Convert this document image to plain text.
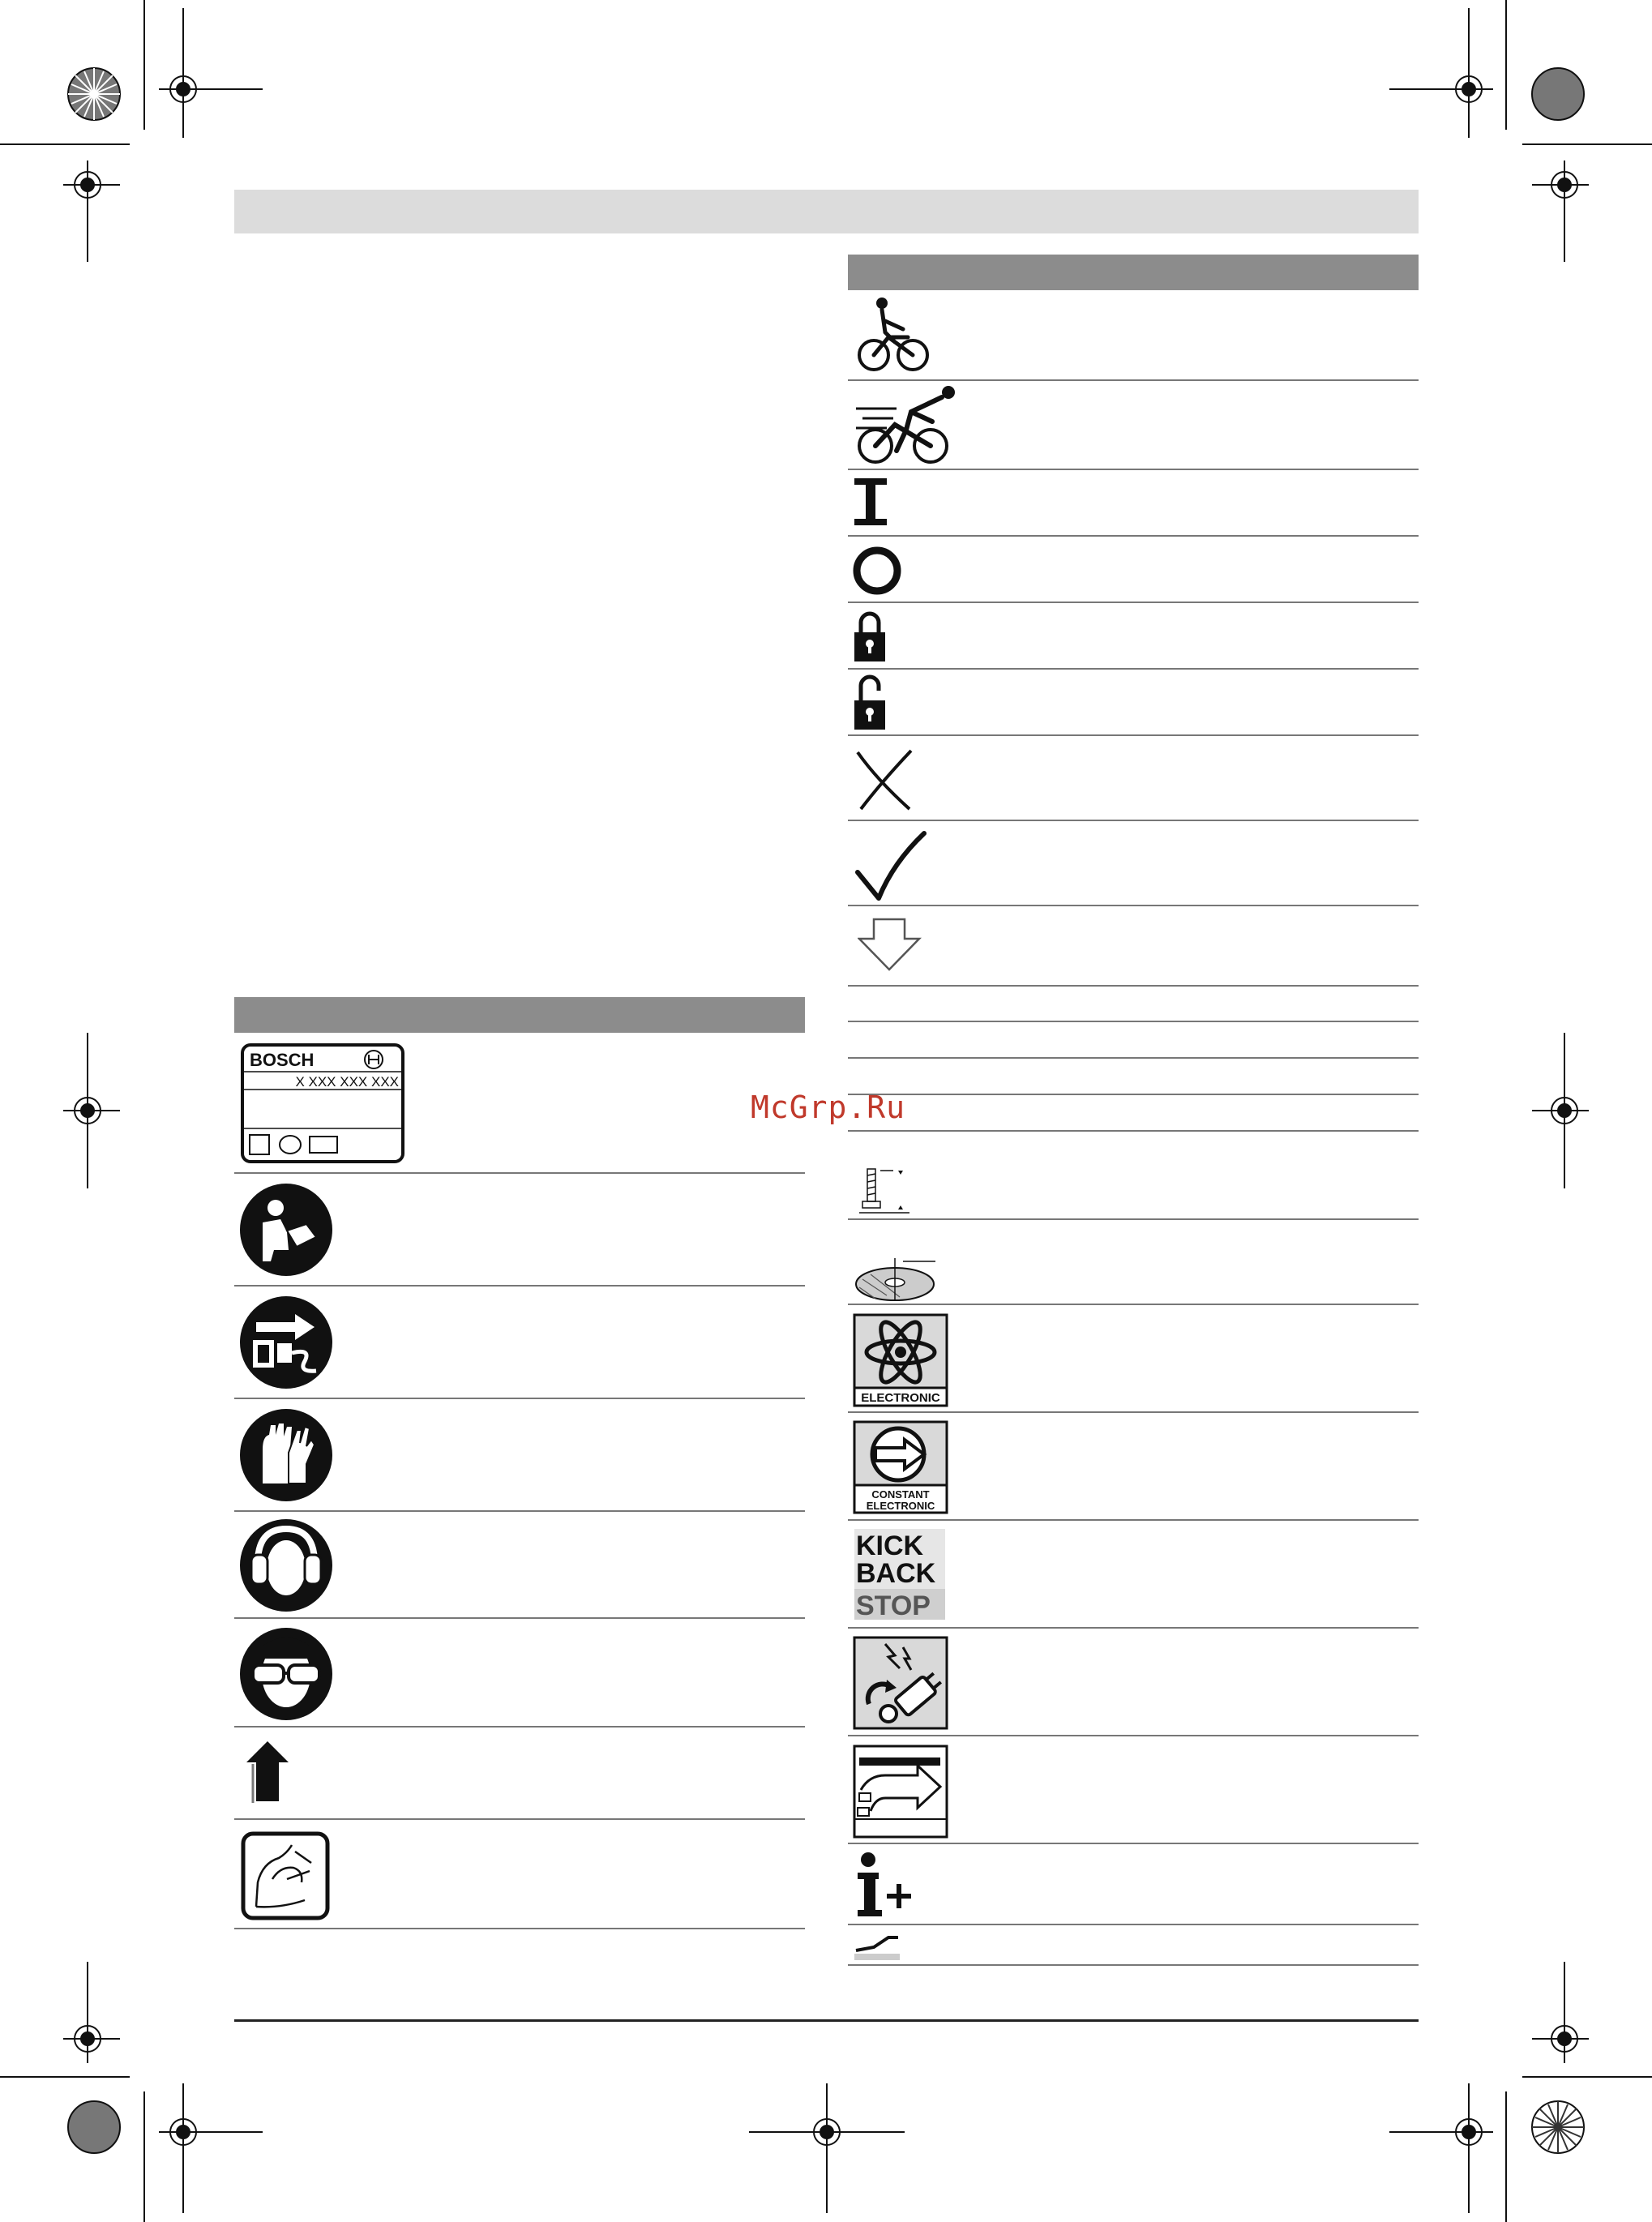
ELECTRONIC
CONSTANT
ELECTRONIC
KICK
BACK
STOP
BOSCH
X XXX XXX XXX
McGrp.Ru
